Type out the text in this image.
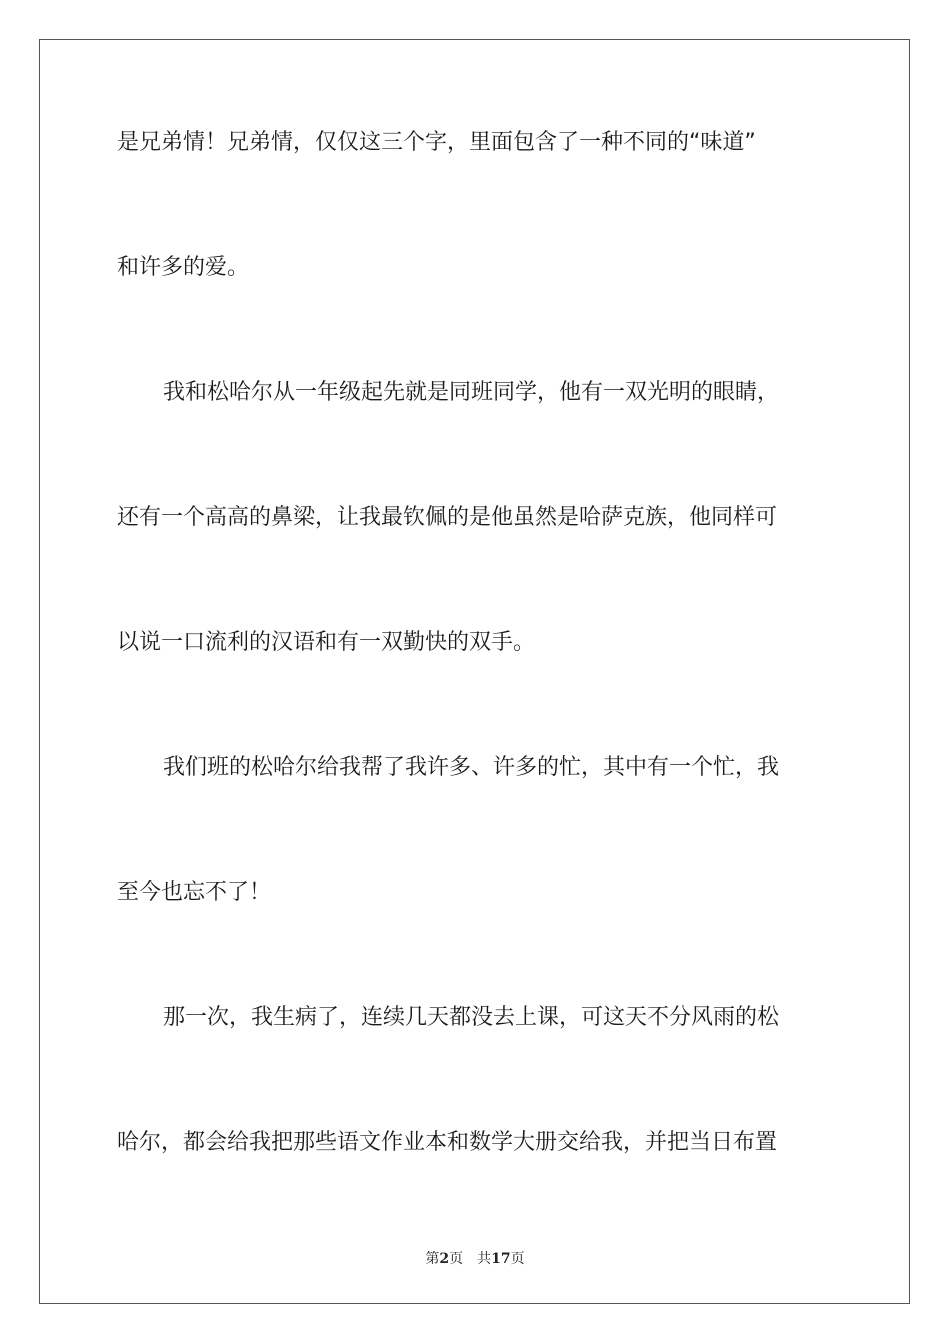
是兄弟情！兄弟情，仅仅这三个字，里面包含了一种不同的“味道”
和许多的爱。
我和松哈尔从一年级起先就是同班同学，他有一双光明的眼睛，
还有一个高高的鼻梁，让我最钦佩的是他虽然是哈萨克族，他同样可
以说一口流利的汉语和有一双勤快的双手。
我们班的松哈尔给我帮了我许多、许多的忙，其中有一个忙，我
至今也忘不了！
那一次，我生病了，连续几天都没去上课，可这天不分风雨的松
哈尔，都会给我把那些语文作业本和数学大册交给我，并把当日布置
第2页 共17页
